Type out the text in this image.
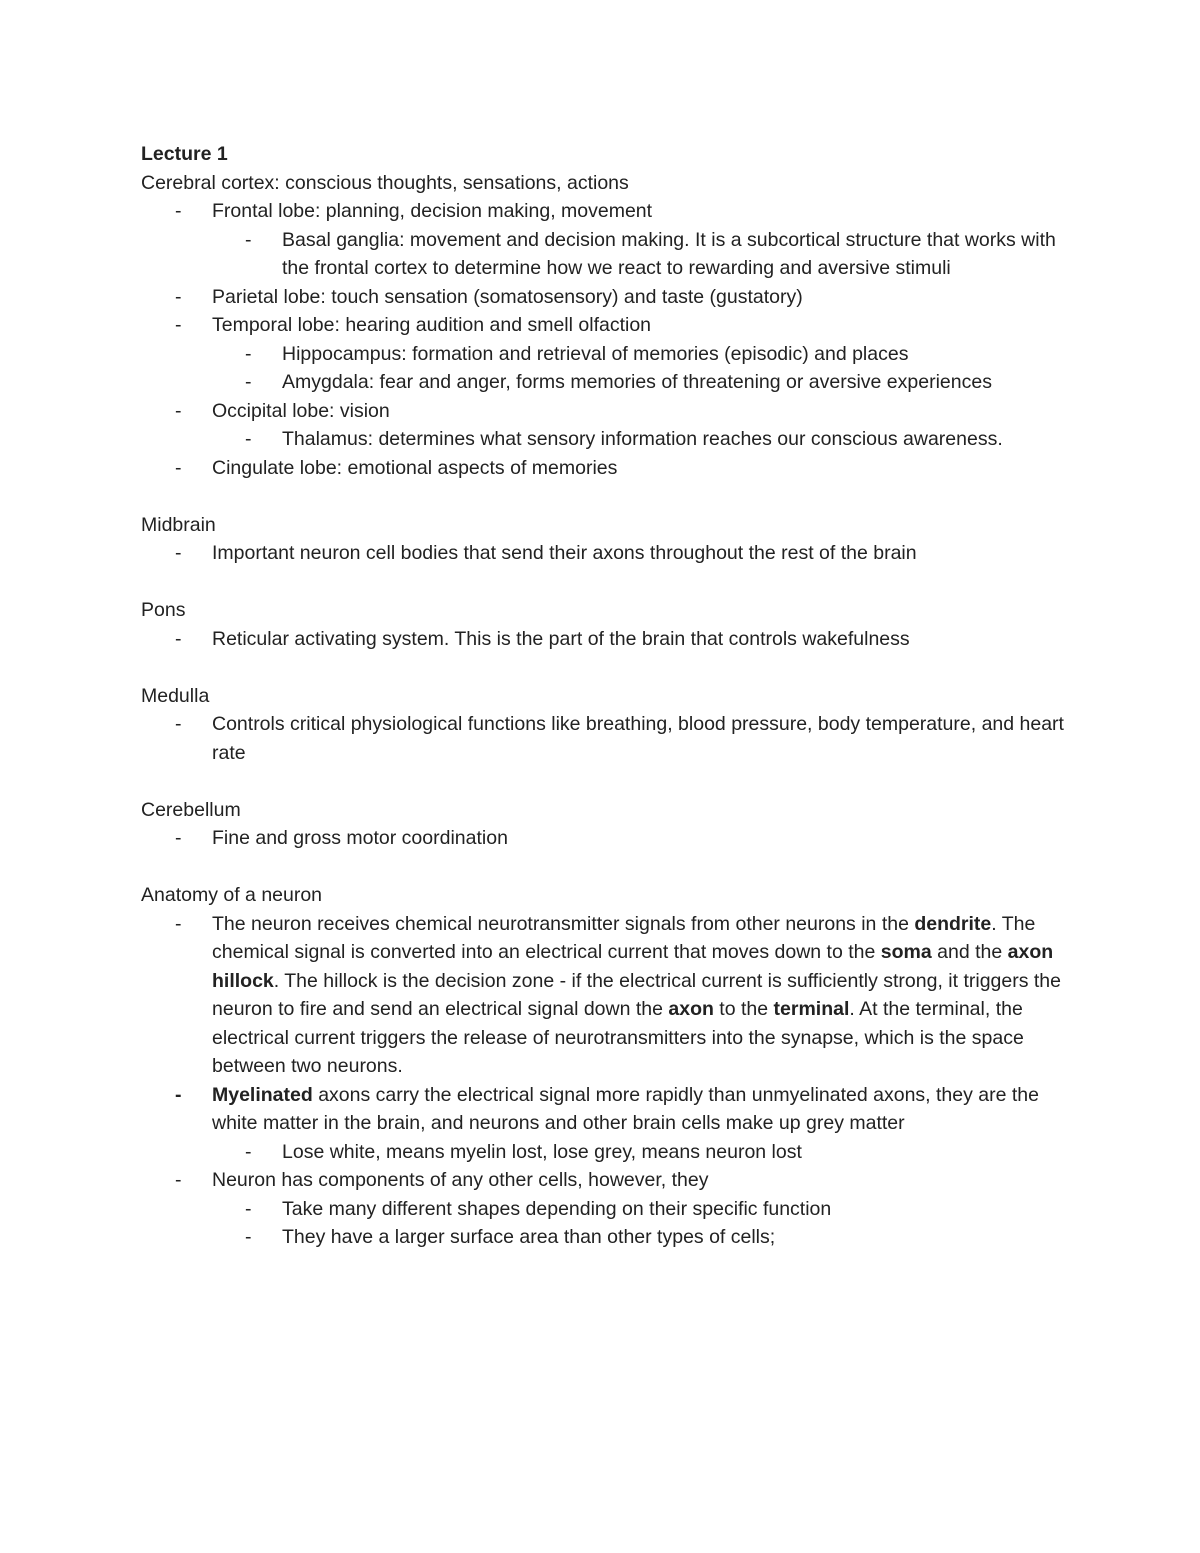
Lecture 1
Cerebral cortex: conscious thoughts, sensations, actions
-	Frontal lobe: planning, decision making, movement
-	Basal ganglia: movement and decision making. It is a subcortical structure that works with the frontal cortex to determine how we react to rewarding and aversive stimuli
-	Parietal lobe: touch sensation (somatosensory) and taste (gustatory)
-	Temporal lobe: hearing audition and smell olfaction
-	Hippocampus: formation and retrieval of memories (episodic) and places
-	Amygdala: fear and anger, forms memories of threatening or aversive experiences
-	Occipital lobe: vision
-	Thalamus: determines what sensory information reaches our conscious awareness.
-	Cingulate lobe: emotional aspects of memories
Midbrain
-	Important neuron cell bodies that send their axons throughout the rest of the brain
Pons
-	Reticular activating system. This is the part of the brain that controls wakefulness
Medulla
-	Controls critical physiological functions like breathing, blood pressure, body temperature, and heart rate
Cerebellum
-	Fine and gross motor coordination
Anatomy of a neuron
-	The neuron receives chemical neurotransmitter signals from other neurons in the dendrite. The chemical signal is converted into an electrical current that moves down to the soma and the axon hillock. The hillock is the decision zone - if the electrical current is sufficiently strong, it triggers the neuron to fire and send an electrical signal down the axon to the terminal. At the terminal, the electrical current triggers the release of neurotransmitters into the synapse, which is the space between two neurons.
-	Myelinated axons carry the electrical signal more rapidly than unmyelinated axons, they are the white matter in the brain, and neurons and other brain cells make up grey matter
-	Lose white, means myelin lost, lose grey, means neuron lost
-	Neuron has components of any other cells, however, they
-	Take many different shapes depending on their specific function
-	They have a larger surface area than other types of cells;
